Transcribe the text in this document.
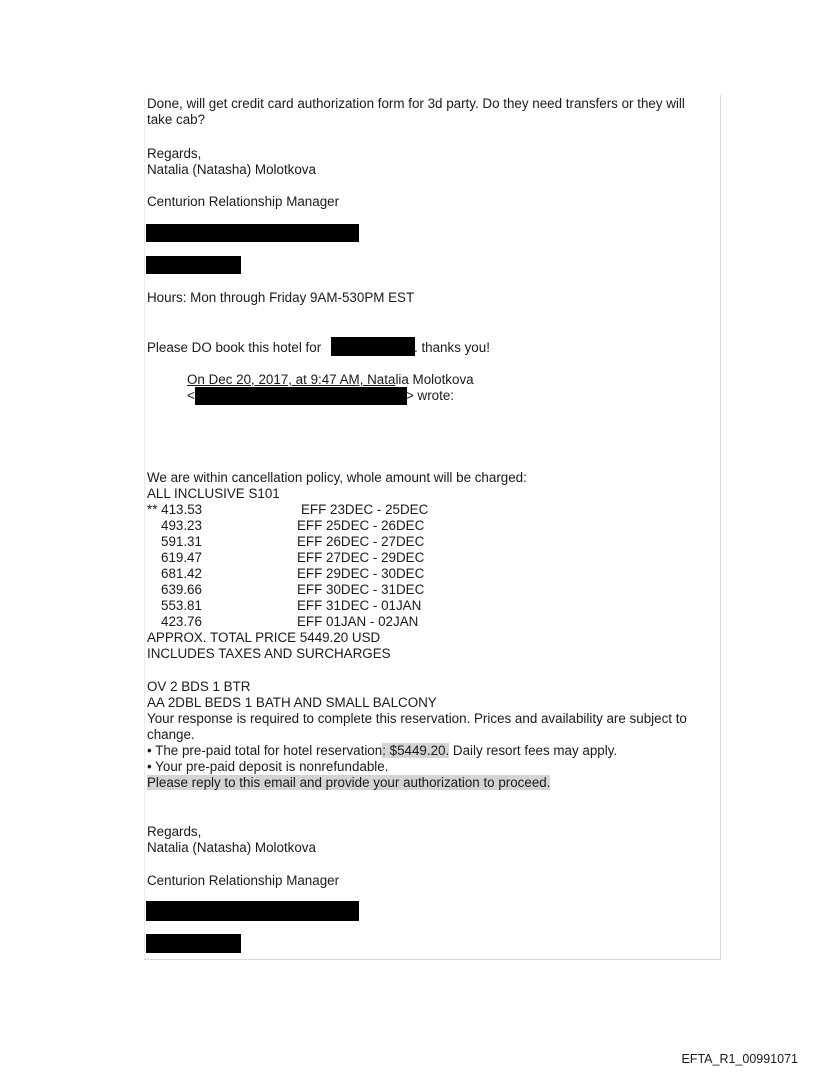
Done, will get credit card authorization form for 3d party. Do they need transfers or they will
take cab?
Regards,
Natalia (Natasha) Molotkova
Centurion Relationship Manager
Hours: Mon through Friday 9AM-530PM EST
Please DO book this hotel for	. thanks you!
On Dec 20, 2017, at 9:47 AM, Natalia Molotkova
<	> wrote:
We are within cancellation policy, whole amount will be charged:
ALL INCLUSIVE S101
** 413.53	EFF 23DEC - 25DEC
493.23	EFF 25DEC - 26DEC
591.31	EFF 26DEC - 27DEC
619.47	EFF 27DEC - 29DEC
681.42	EFF 29DEC - 30DEC
639.66	EFF 30DEC - 31DEC
553.81	EFF 31DEC - 01JAN
423.76	EFF 01JAN - 02JAN
APPROX. TOTAL PRICE 5449.20 USD
INCLUDES TAXES AND SURCHARGES
OV 2 BDS 1 BTR
AA 2DBL BEDS 1 BATH AND SMALL BALCONY
Your response is required to complete this reservation. Prices and availability are subject to
change.
• The pre-paid total for hotel reservation: $5449.20. Daily resort fees may apply.
• Your pre-paid deposit is nonrefundable.
Please reply to this email and provide your authorization to proceed.
Regards,
Natalia (Natasha) Molotkova
Centurion Relationship Manager
EFTA_R1_00991071
